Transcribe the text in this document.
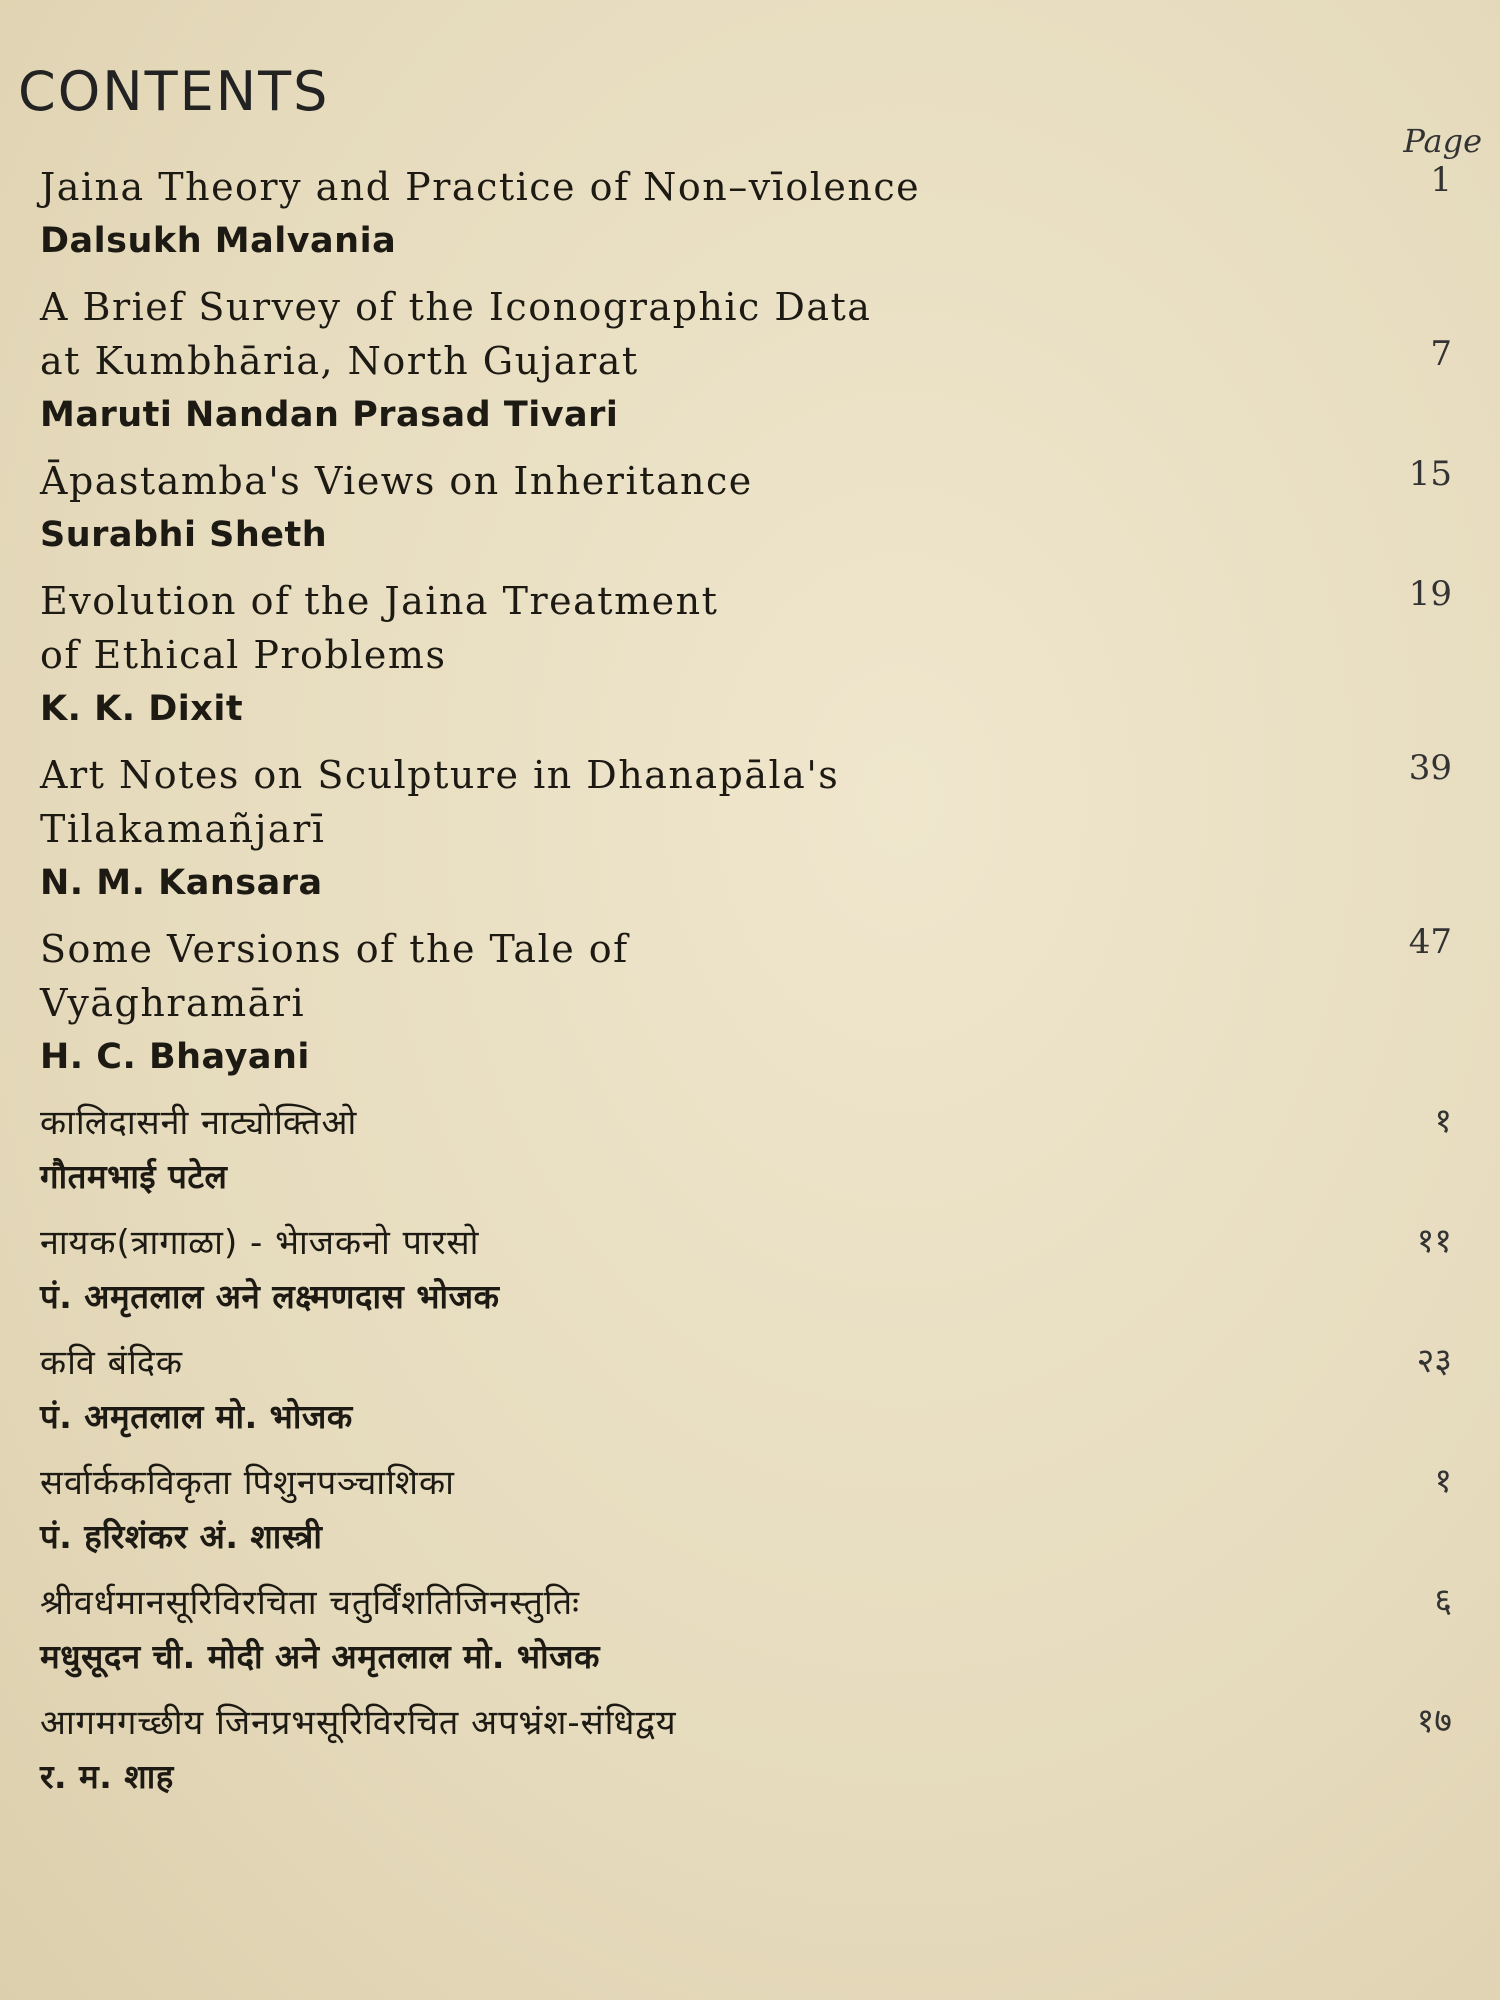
CONTENTS
Page
Jaina Theory and Practice of Non–vīolence
Dalsukh Malvania
1
A Brief Survey of the Iconographic Data
at Kumbhāria, North Gujarat
Maruti Nandan Prasad Tivari
7
Āpastamba's Views on Inheritance
Surabhi Sheth
15
Evolution of the Jaina Treatment
of Ethical Problems
K. K. Dixit
19
Art Notes on Sculpture in Dhanapāla's
Tilakamañjarī
N. M. Kansara
39
Some Versions of the Tale of
Vyāghramāri
H. C. Bhayani
47
कालिदासनी नाट्योक्तिओ
गौतमभाई पटेल
१
नायक(त्रागाळा) - भेाजकनो पारसो
पं. अमृतलाल अने लक्ष्मणदास भोजक
११
कवि बंदिक
पं. अमृतलाल मो. भोजक
२३
सर्वार्ककविकृता पिशुनपञ्चाशिका
पं. हरिशंकर अं. शास्त्री
१
श्रीवर्धमानसूरिविरचिता चतुर्विंशतिजिनस्तुतिः
मधुसूदन ची. मोदी अने अमृतलाल मो. भोजक
६
आगमगच्छीय जिनप्रभसूरिविरचित अपभ्रंश-संधिद्वय
र. म. शाह
१७
